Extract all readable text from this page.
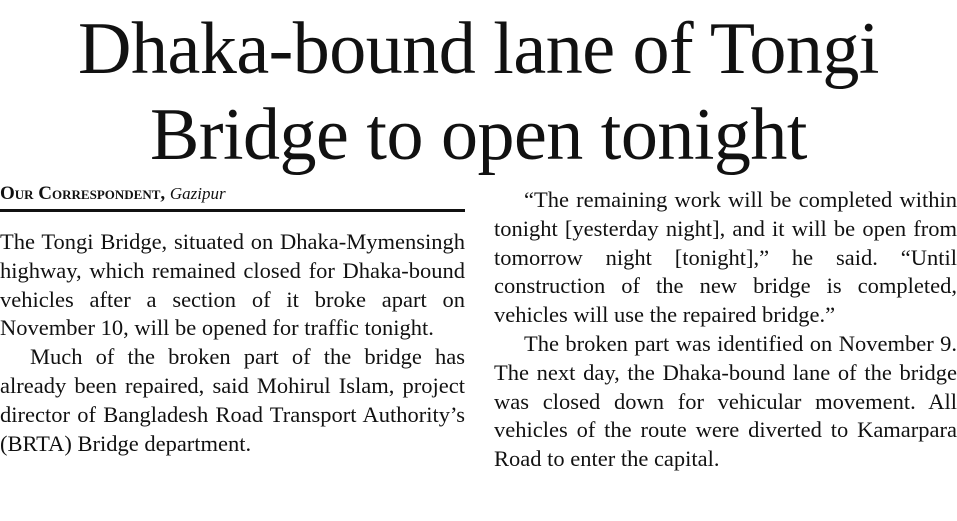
Dhaka-bound lane of Tongi
Bridge to open tonight
Our Correspondent, Gazipur

The Tongi Bridge, situated on Dhaka-Mymensingh highway, which remained closed for Dhaka-bound vehicles after a section of it broke apart on November 10, will be opened for traffic tonight.

Much of the broken part of the bridge has already been repaired, said Mohirul Islam, project director of Bangladesh Road Transport Authority’s (BRTA) Bridge department.

“The remaining work will be completed within tonight [yesterday night], and it will be open from tomorrow night [tonight],” he said. “Until construction of the new bridge is completed, vehicles will use the repaired bridge.”

The broken part was identified on November 9. The next day, the Dhaka-bound lane of the bridge was closed down for vehicular movement. All vehicles of the route were diverted to Kamarpara Road to enter the capital.
